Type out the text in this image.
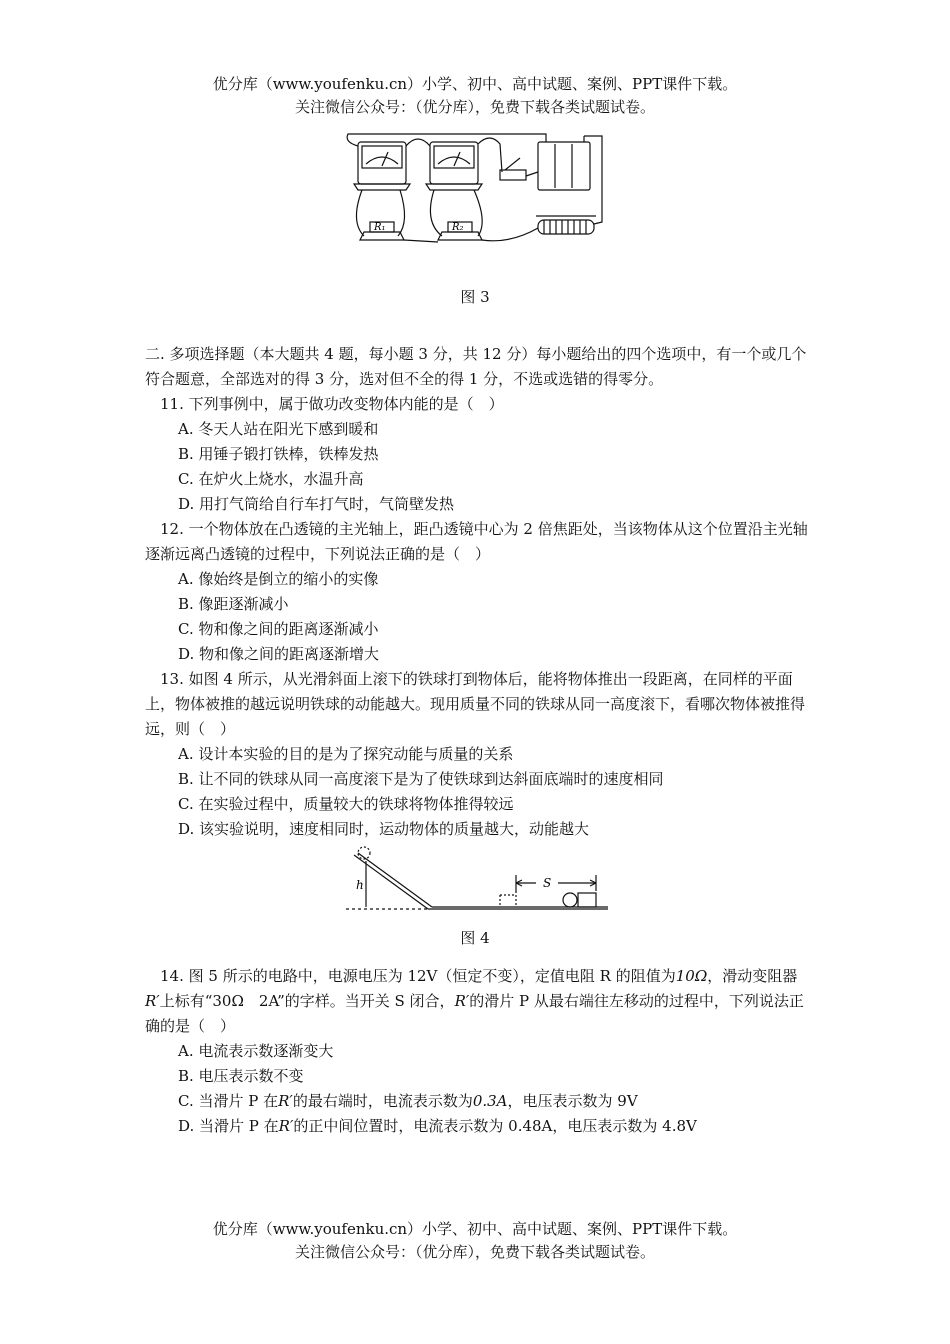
优分库（www.youfenku.cn）小学、初中、高中试题、案例、PPT课件下载。
关注微信公众号：（优分库），免费下载各类试题试卷。
R₁	R₂
图 3

二. 多项选择题（本大题共 4 题，每小题 3 分，共 12 分）每小题给出的四个选项中，有一个或几个符合题意，全部选对的得 3 分，选对但不全的得 1 分，不选或选错的得零分。

11. 下列事例中，属于做功改变物体内能的是（　）

A. 冬天人站在阳光下感到暖和

B. 用锤子锻打铁棒，铁棒发热

C. 在炉火上烧水，水温升高

D. 用打气筒给自行车打气时，气筒壁发热

12. 一个物体放在凸透镜的主光轴上，距凸透镜中心为 2 倍焦距处，当该物体从这个位置沿主光轴逐渐远离凸透镜的过程中，下列说法正确的是（　）

A. 像始终是倒立的缩小的实像

B. 像距逐渐减小

C. 物和像之间的距离逐渐减小

D. 物和像之间的距离逐渐增大

13. 如图 4 所示，从光滑斜面上滚下的铁球打到物体后，能将物体推出一段距离，在同样的平面上，物体被推的越远说明铁球的动能越大。现用质量不同的铁球从同一高度滚下，看哪次物体被推得远，则（　）

A. 设计本实验的目的是为了探究动能与质量的关系

B. 让不同的铁球从同一高度滚下是为了使铁球到达斜面底端时的速度相同

C. 在实验过程中，质量较大的铁球将物体推得较远

D. 该实验说明，速度相同时，运动物体的质量越大，动能越大

h	S
图 4

14. 图 5 所示的电路中，电源电压为 12V（恒定不变），定值电阻 R 的阻值为10Ω，滑动变阻器R′上标有“30Ω　2A”的字样。当开关 S 闭合，R′的滑片 P 从最右端往左移动的过程中，下列说法正确的是（　）

A. 电流表示数逐渐变大

B. 电压表示数不变

C. 当滑片 P 在R′的最右端时，电流表示数为0.3A，电压表示数为 9V

D. 当滑片 P 在R′的正中间位置时，电流表示数为 0.48A，电压表示数为 4.8V

优分库（www.youfenku.cn）小学、初中、高中试题、案例、PPT课件下载。
关注微信公众号：（优分库），免费下载各类试题试卷。
